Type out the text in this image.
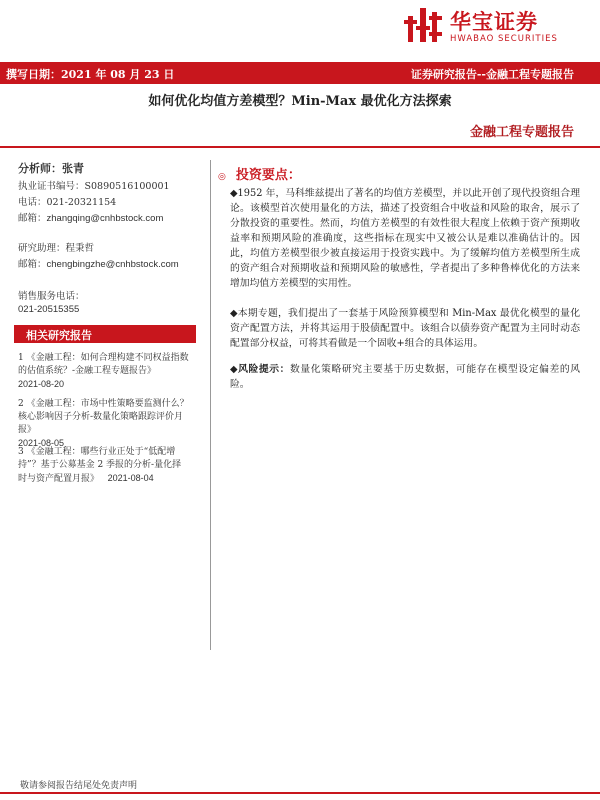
华宝证券
HWABAO SECURITIES
撰写日期：2021 年 08 月 23 日	证券研究报告--金融工程专题报告
如何优化均值方差模型？Min-Max 最优化方法探索
金融工程专题报告
分析师：张青
执业证书编号：S0890516100001
电话：021-20321154
邮箱：zhangqing@cnhbstock.com
研究助理：程秉哲
邮箱：chengbingzhe@cnhbstock.com
销售服务电话：
021-20515355
相关研究报告
1 《金融工程：如何合理构建不同权益指数
的估值系统？-金融工程专题报告》
2021-08-20
2 《金融工程：市场中性策略要监测什么？
核心影响因子分析-数量化策略跟踪评价月
报》
2021-08-05
3 《金融工程：哪些行业正处于“低配增
持”？基于公募基金 2 季报的分析-量化择
时与资产配置月报》 2021-08-04
◎ 投资要点：
◆1952 年，马科维兹提出了著名的均值方差模型，并以此开创了现代投资组合理论。该模型首次使用量化的方法，描述了投资组合中收益和风险的取舍，展示了分散投资的重要性。然而，均值方差模型的有效性很大程度上依赖于资产预期收益率和预期风险的准确度，这些指标在现实中又被公认是难以准确估计的。因此，均值方差模型很少被直接运用于投资实践中。为了缓解均值方差模型所生成的资产组合对预期收益和预期风险的敏感性，学者提出了多种鲁棒优化的方法来增加均值方差模型的实用性。
◆本期专题，我们提出了一套基于风险预算模型和 Min-Max 最优化模型的量化资产配置方法，并将其运用于股债配置中。该组合以债券资产配置为主同时动态配置部分权益，可将其看做是一个固收+组合的具体运用。
◆风险提示：数量化策略研究主要基于历史数据，可能存在模型设定偏差的风险。
敬请参阅报告结尾处免责声明
